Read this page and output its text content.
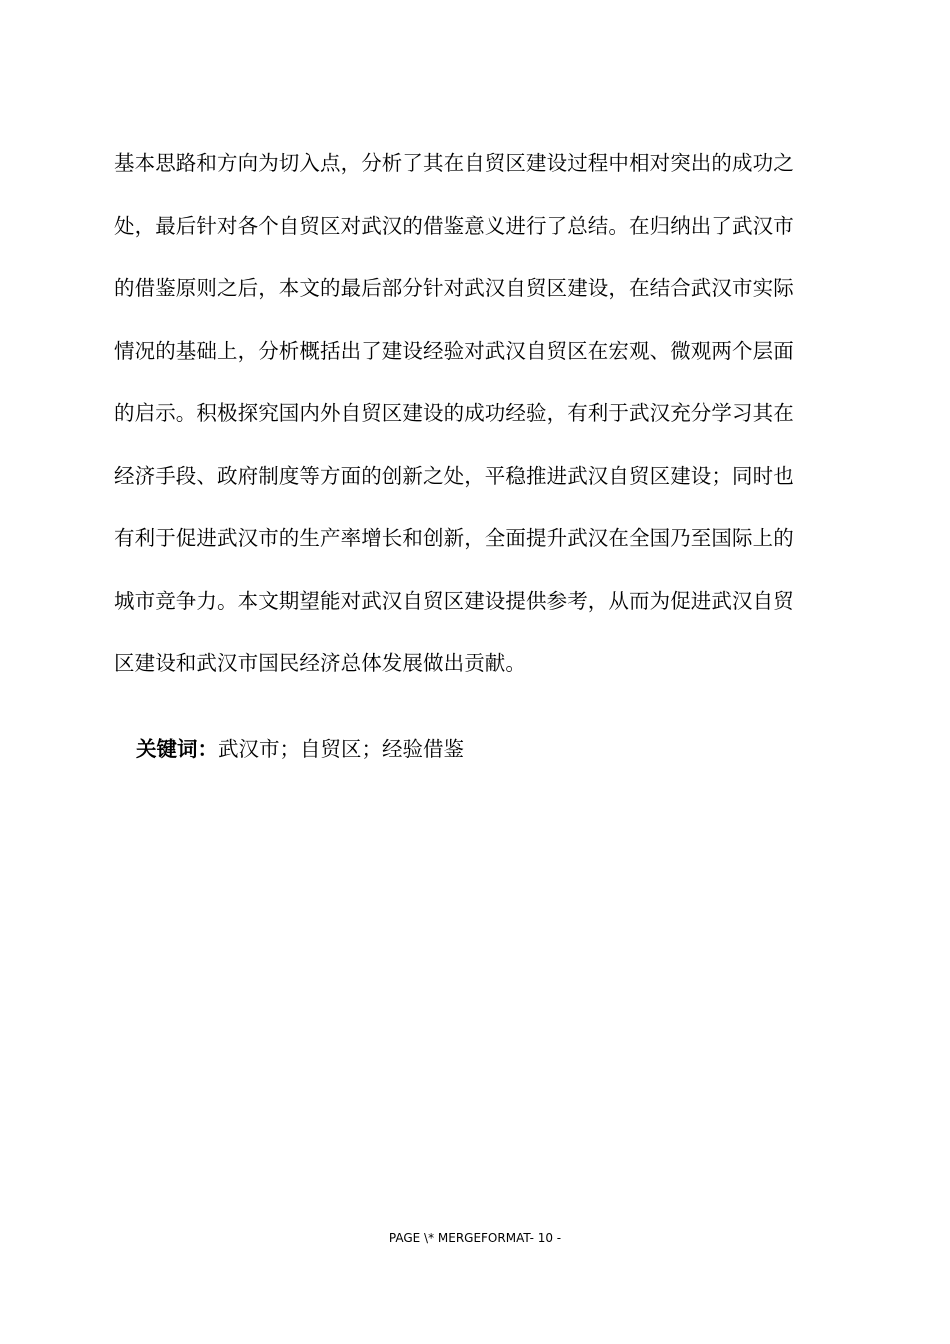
基本思路和方向为切入点，分析了其在自贸区建设过程中相对突出的成功之
处，最后针对各个自贸区对武汉的借鉴意义进行了总结。在归纳出了武汉市
的借鉴原则之后，本文的最后部分针对武汉自贸区建设，在结合武汉市实际
情况的基础上，分析概括出了建设经验对武汉自贸区在宏观、微观两个层面
的启示。积极探究国内外自贸区建设的成功经验，有利于武汉充分学习其在
经济手段、政府制度等方面的创新之处，平稳推进武汉自贸区建设；同时也
有利于促进武汉市的生产率增长和创新，全面提升武汉在全国乃至国际上的
城市竞争力。本文期望能对武汉自贸区建设提供参考，从而为促进武汉自贸
区建设和武汉市国民经济总体发展做出贡献。
关键词：武汉市；自贸区；经验借鉴
PAGE \* MERGEFORMAT- 10 -
